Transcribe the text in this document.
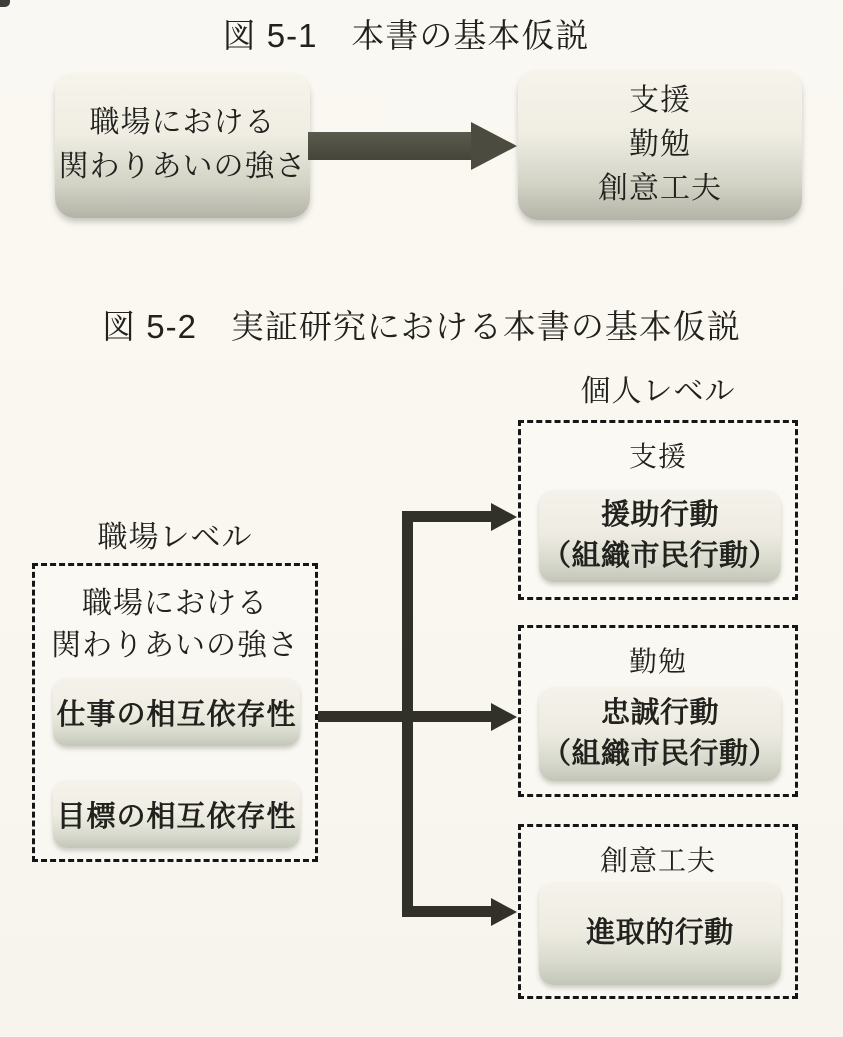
図 5-1　本書の基本仮説
職場における
関わりあいの強さ
支援
勤勉
創意工夫
図 5-2　実証研究における本書の基本仮説
個人レベル
職場レベル
職場における
関わりあいの強さ
仕事の相互依存性
目標の相互依存性
支援
援助行動
（組織市民行動）
勤勉
忠誠行動
（組織市民行動）
創意工夫
進取的行動
